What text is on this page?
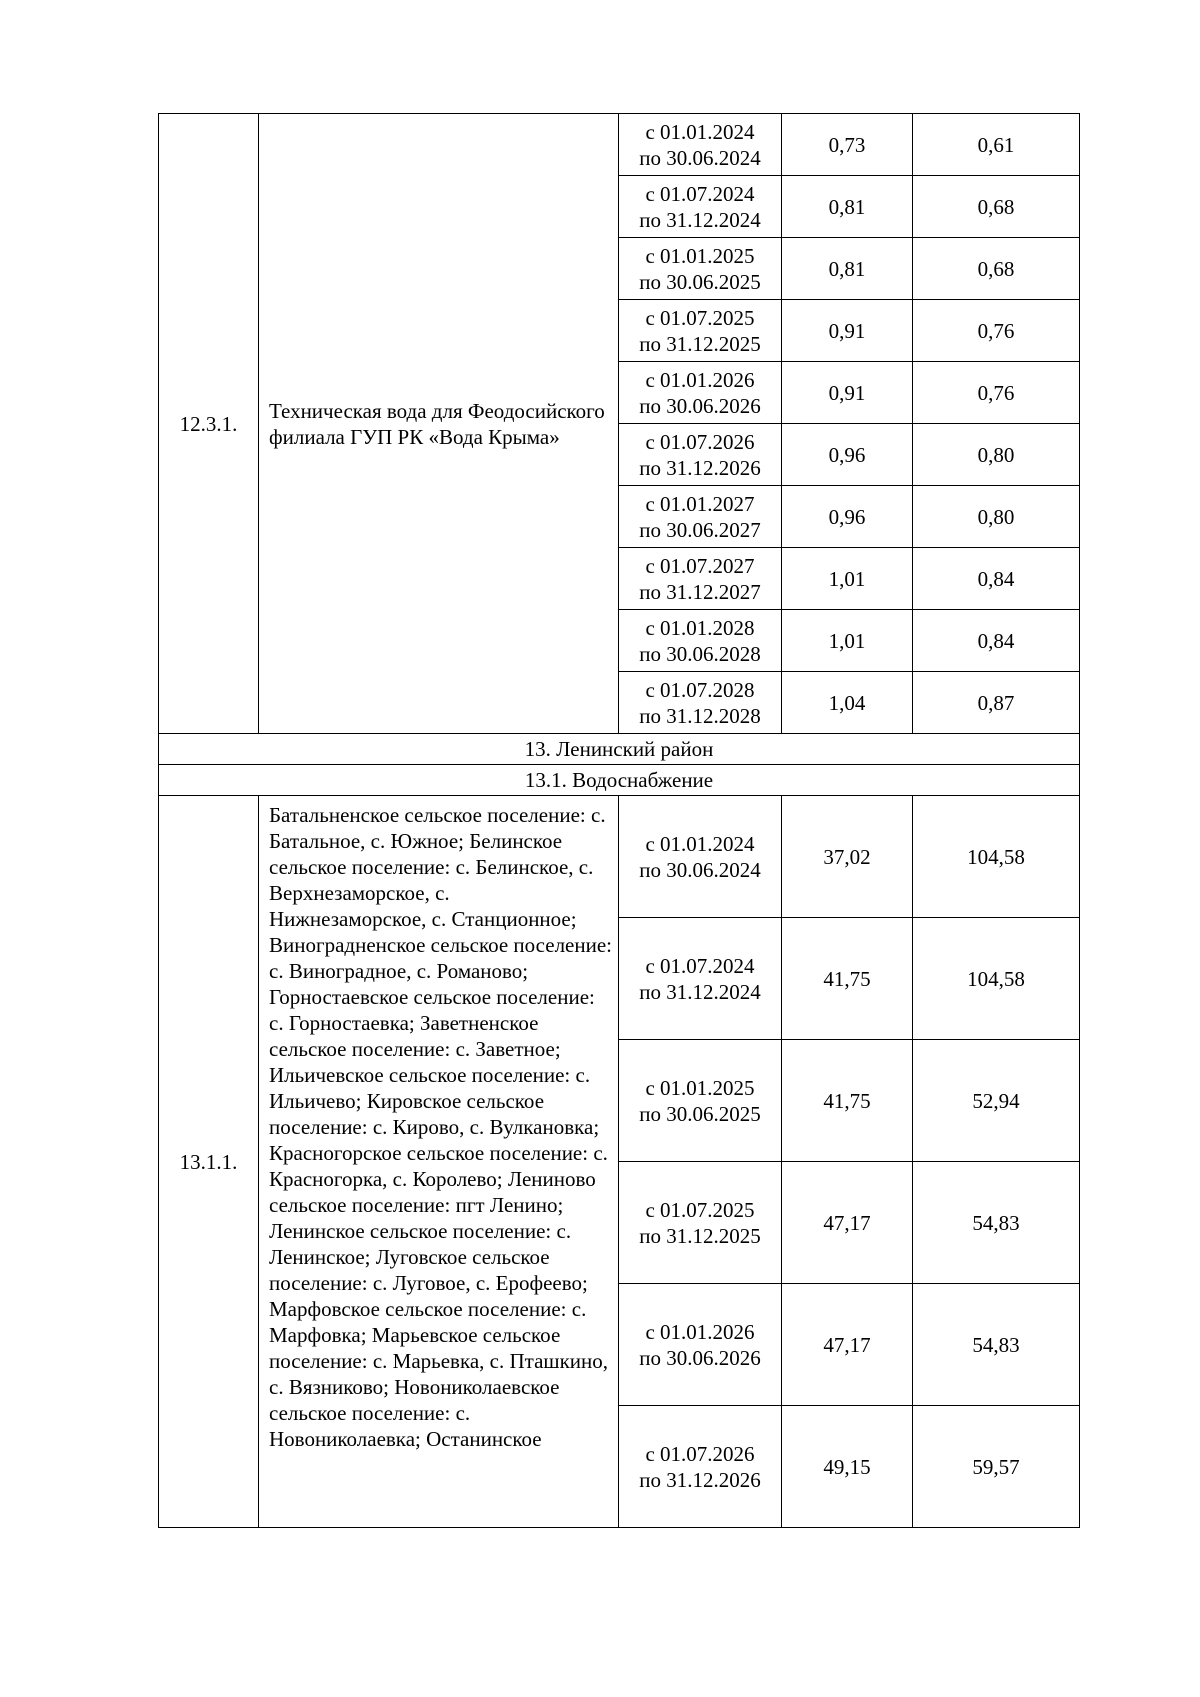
12.3.1.	Техническая вода для Феодосийского филиала ГУП РК «Вода Крыма»	с 01.01.2024
по 30.06.2024	0,73	0,61

		с 01.07.2024
по 31.12.2024	0,81	0,68

		с 01.01.2025
по 30.06.2025	0,81	0,68

		с 01.07.2025
по 31.12.2025	0,91	0,76

		с 01.01.2026
по 30.06.2026	0,91	0,76

		с 01.07.2026
по 31.12.2026	0,96	0,80

		с 01.01.2027
по 30.06.2027	0,96	0,80

		с 01.07.2027
по 31.12.2027	1,01	0,84

		с 01.01.2028
по 30.06.2028	1,01	0,84

		с 01.07.2028
по 31.12.2028	1,04	0,87
13. Ленинский район				
13.1. Водоснабжение				
13.1.1.	Батальненское сельское поселение: с. Батальное, с. Южное; Белинское сельское поселение: с. Белинское, с. Верхнезаморское, с. Нижнезаморское, с. Станционное; Виноградненское сельское поселение: с. Виноградное, с. Романово; Горностаевское сельское поселение: с. Горностаевка; Заветненское сельское поселение: с. Заветное; Ильичевское сельское поселение: с. Ильичево; Кировское сельское поселение: с. Кирово, с. Вулкановка; Красногорское сельское поселение: с. Красногорка, с. Королево; Лениново сельское поселение: пгт Ленино; Ленинское сельское поселение: с. Ленинское; Луговское сельское поселение: с. Луговое, с. Ерофеево; Марфовское сельское поселение: с. Марфовка; Марьевское сельское поселение: с. Марьевка, с. Пташкино, с. Вязниково; Новониколаевское сельское поселение: с. Новониколаевка; Останинское	с 01.01.2024
по 30.06.2024	37,02	104,58

		с 01.07.2024
по 31.12.2024	41,75	104,58

		с 01.01.2025
по 30.06.2025	41,75	52,94

		с 01.07.2025
по 31.12.2025	47,17	54,83

		с 01.01.2026
по 30.06.2026	47,17	54,83

		с 01.07.2026
по 31.12.2026	49,15	59,57
